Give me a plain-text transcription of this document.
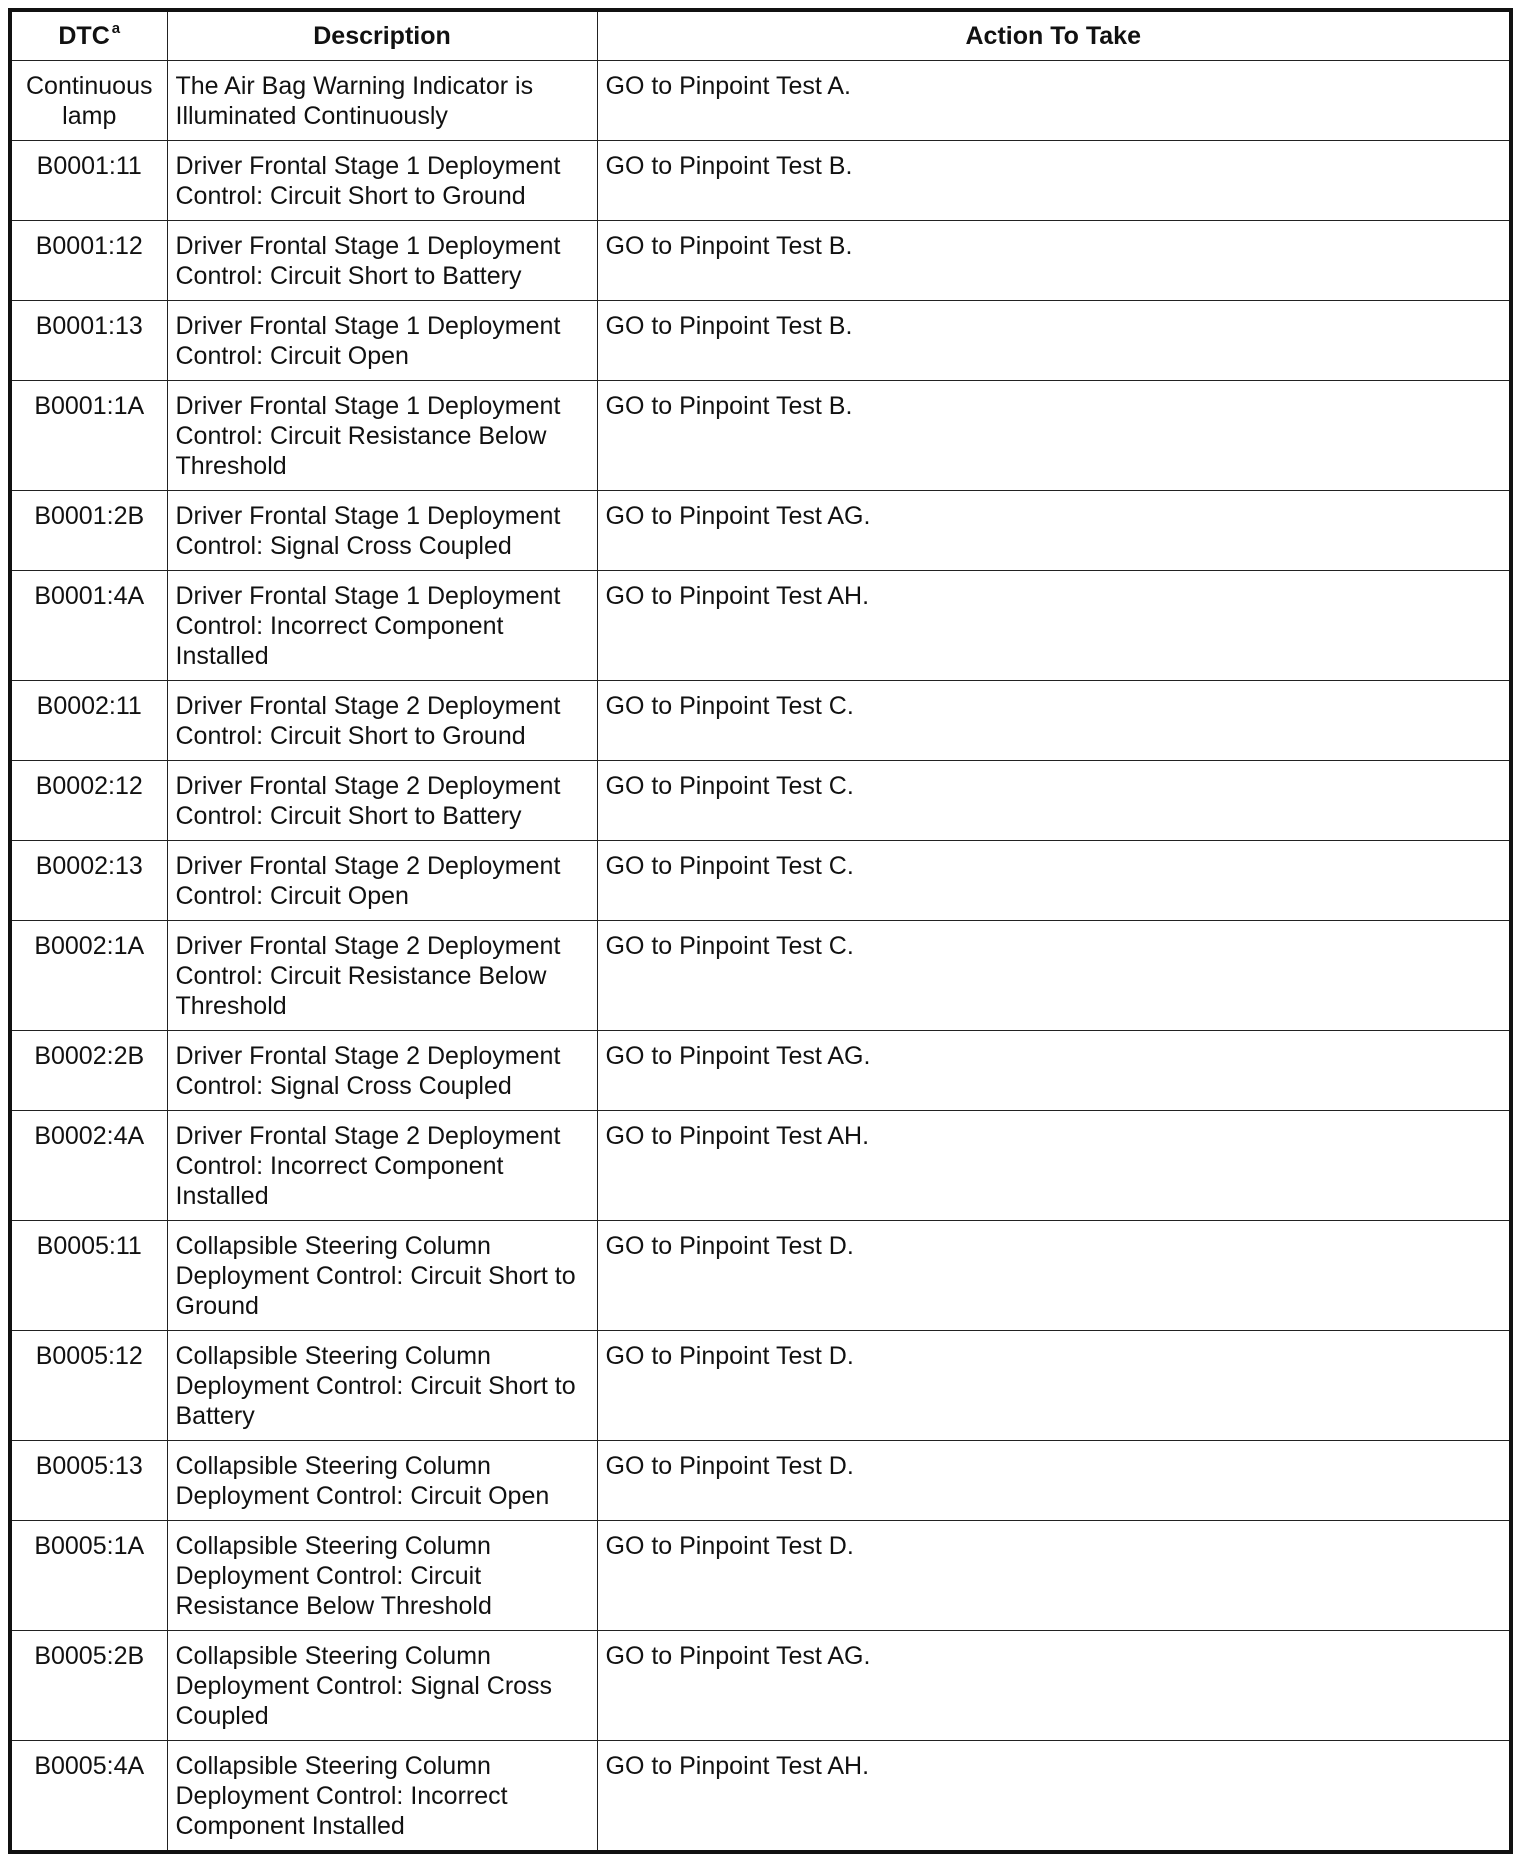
DTC $^a$	Description	Action To Take
Continuous lamp	The Air Bag Warning Indicator is Illuminated Continuously	GO to Pinpoint Test A.
B0001:11	Driver Frontal Stage 1 Deployment Control: Circuit Short to Ground	GO to Pinpoint Test B.
B0001:12	Driver Frontal Stage 1 Deployment Control: Circuit Short to Battery	GO to Pinpoint Test B.
B0001:13	Driver Frontal Stage 1 Deployment Control: Circuit Open	GO to Pinpoint Test B.
B0001:1A	Driver Frontal Stage 1 Deployment Control: Circuit Resistance Below Threshold	GO to Pinpoint Test B.
B0001:2B	Driver Frontal Stage 1 Deployment Control: Signal Cross Coupled	GO to Pinpoint Test AG.
B0001:4A	Driver Frontal Stage 1 Deployment Control: Incorrect Component Installed	GO to Pinpoint Test AH.
B0002:11	Driver Frontal Stage 2 Deployment Control: Circuit Short to Ground	GO to Pinpoint Test C.
B0002:12	Driver Frontal Stage 2 Deployment Control: Circuit Short to Battery	GO to Pinpoint Test C.
B0002:13	Driver Frontal Stage 2 Deployment Control: Circuit Open	GO to Pinpoint Test C.
B0002:1A	Driver Frontal Stage 2 Deployment Control: Circuit Resistance Below Threshold	GO to Pinpoint Test C.
B0002:2B	Driver Frontal Stage 2 Deployment Control: Signal Cross Coupled	GO to Pinpoint Test AG.
B0002:4A	Driver Frontal Stage 2 Deployment Control: Incorrect Component Installed	GO to Pinpoint Test AH.
B0005:11	Collapsible Steering Column Deployment Control: Circuit Short to Ground	GO to Pinpoint Test D.
B0005:12	Collapsible Steering Column Deployment Control: Circuit Short to Battery	GO to Pinpoint Test D.
B0005:13	Collapsible Steering Column Deployment Control: Circuit Open	GO to Pinpoint Test D.
B0005:1A	Collapsible Steering Column Deployment Control: Circuit Resistance Below Threshold	GO to Pinpoint Test D.
B0005:2B	Collapsible Steering Column Deployment Control: Signal Cross Coupled	GO to Pinpoint Test AG.
B0005:4A	Collapsible Steering Column Deployment Control: Incorrect Component Installed	GO to Pinpoint Test AH.
